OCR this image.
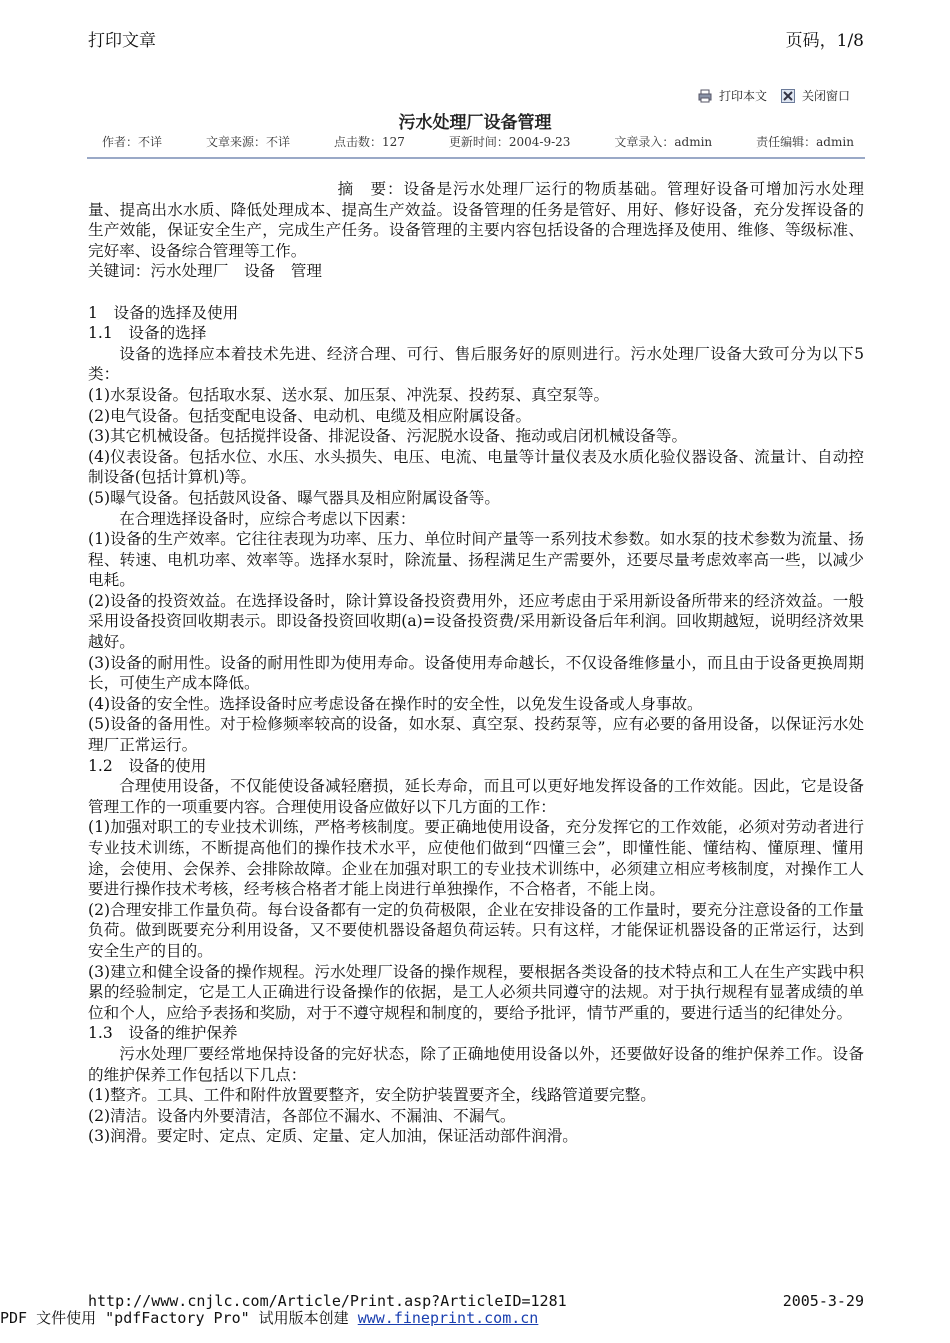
打印文章	页码，1/8
打印本文	关闭窗口
污水处理厂设备管理
作者：不详	文章来源：不详	点击数：127	更新时间：2004-9-23	文章录入：admin	责任编辑：admin

摘　要：设备是污水处理厂运行的物质基础。管理好设备可增加污水处理量、提高出水水质、降低处理成本、提高生产效益。设备管理的任务是管好、用好、修好设备，充分发挥设备的生产效能，保证安全生产，完成生产任务。设备管理的主要内容包括设备的合理选择及使用、维修、等级标准、完好率、设备综合管理等工作。

关键词：污水处理厂　设备　管理

1　设备的选择及使用

1.1　设备的选择

设备的选择应本着技术先进、经济合理、可行、售后服务好的原则进行。污水处理厂设备大致可分为以下5类：

(1)水泵设备。包括取水泵、送水泵、加压泵、冲洗泵、投药泵、真空泵等。

(2)电气设备。包括变配电设备、电动机、电缆及相应附属设备。

(3)其它机械设备。包括搅拌设备、排泥设备、污泥脱水设备、拖动或启闭机械设备等。

(4)仪表设备。包括水位、水压、水头损失、电压、电流、电量等计量仪表及水质化验仪器设备、流量计、自动控制设备(包括计算机)等。

(5)曝气设备。包括鼓风设备、曝气器具及相应附属设备等。

在合理选择设备时，应综合考虑以下因素：

(1)设备的生产效率。它往往表现为功率、压力、单位时间产量等一系列技术参数。如水泵的技术参数为流量、扬程、转速、电机功率、效率等。选择水泵时，除流量、扬程满足生产需要外，还要尽量考虑效率高一些，以减少电耗。

(2)设备的投资效益。在选择设备时，除计算设备投资费用外，还应考虑由于采用新设备所带来的经济效益。一般采用设备投资回收期表示。即设备投资回收期(a)=设备投资费/采用新设备后年利润。回收期越短，说明经济效果越好。

(3)设备的耐用性。设备的耐用性即为使用寿命。设备使用寿命越长，不仅设备维修量小，而且由于设备更换周期长，可使生产成本降低。

(4)设备的安全性。选择设备时应考虑设备在操作时的安全性，以免发生设备或人身事故。

(5)设备的备用性。对于检修频率较高的设备，如水泵、真空泵、投药泵等，应有必要的备用设备，以保证污水处理厂正常运行。

1.2　设备的使用

合理使用设备，不仅能使设备减轻磨损，延长寿命，而且可以更好地发挥设备的工作效能。因此，它是设备管理工作的一项重要内容。合理使用设备应做好以下几方面的工作：

(1)加强对职工的专业技术训练，严格考核制度。要正确地使用设备，充分发挥它的工作效能，必须对劳动者进行专业技术训练，不断提高他们的操作技术水平，应使他们做到“四懂三会”，即懂性能、懂结构、懂原理、懂用途，会使用、会保养、会排除故障。企业在加强对职工的专业技术训练中，必须建立相应考核制度，对操作工人要进行操作技术考核，经考核合格者才能上岗进行单独操作，不合格者，不能上岗。

(2)合理安排工作量负荷。每台设备都有一定的负荷极限，企业在安排设备的工作量时，要充分注意设备的工作量负荷。做到既要充分利用设备，又不要使机器设备超负荷运转。只有这样，才能保证机器设备的正常运行，达到安全生产的目的。

(3)建立和健全设备的操作规程。污水处理厂设备的操作规程，要根据各类设备的技术特点和工人在生产实践中积累的经验制定，它是工人正确进行设备操作的依据，是工人必须共同遵守的法规。对于执行规程有显著成绩的单位和个人，应给予表扬和奖励，对于不遵守规程和制度的，要给予批评，情节严重的，要进行适当的纪律处分。

1.3　设备的维护保养

污水处理厂要经常地保持设备的完好状态，除了正确地使用设备以外，还要做好设备的维护保养工作。设备的维护保养工作包括以下几点：

(1)整齐。工具、工件和附件放置要整齐，安全防护装置要齐全，线路管道要完整。

(2)清洁。设备内外要清洁，各部位不漏水、不漏油、不漏气。

(3)润滑。要定时、定点、定质、定量、定人加油，保证活动部件润滑。

http://www.cnjlc.com/Article/Print.asp?ArticleID=1281	2005-3-29
PDF 文件使用 "pdfFactory Pro" 试用版本创建 www.fineprint.com.cn
